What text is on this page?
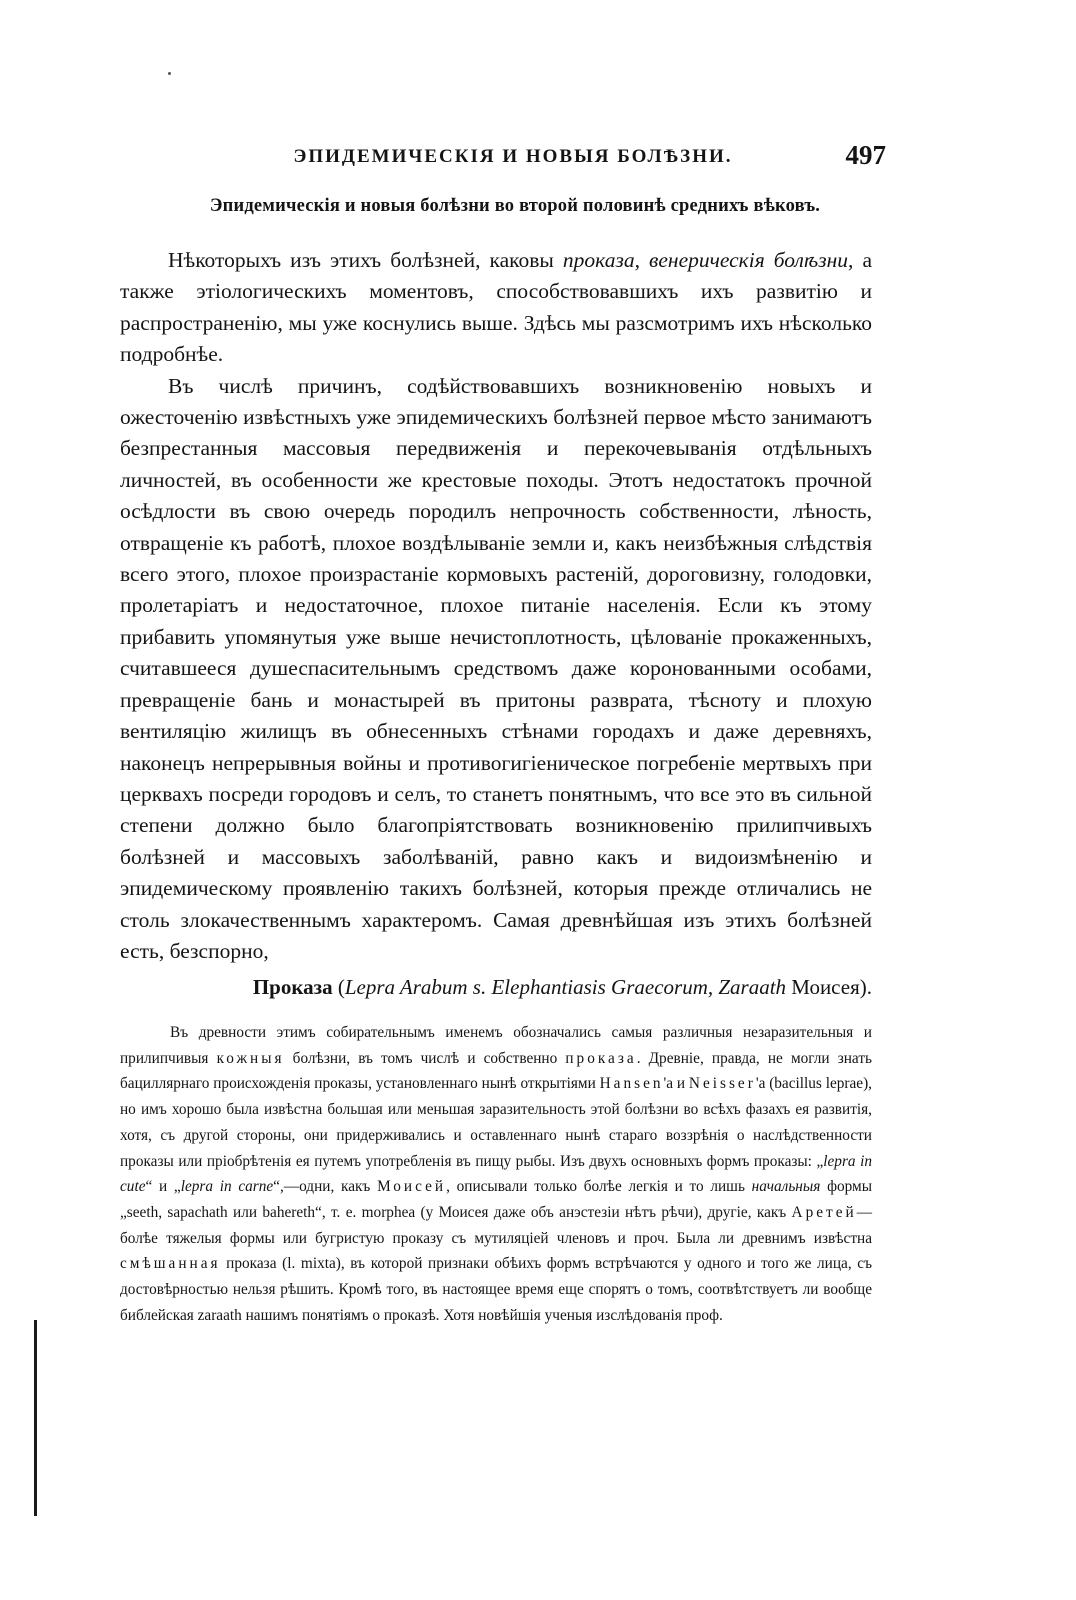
ЭПИДЕМИЧЕСКІЯ И НОВЫЯ БОЛѢЗНИ.	497
Эпидемическія и новыя болѣзни во второй половинѣ среднихъ вѣковъ.

Нѣкоторыхъ изъ этихъ болѣзней, каковы проказа, венерическія болѣзни, а также этіологическихъ моментовъ, способствовавшихъ ихъ развитію и распространенію, мы уже коснулись выше. Здѣсь мы разсмотримъ ихъ нѣсколько подробнѣе.

Въ числѣ причинъ, содѣйствовавшихъ возникновенію новыхъ и ожесточенію извѣстныхъ уже эпидемическихъ болѣзней первое мѣсто занимаютъ безпрестанныя массовыя передвиженія и перекочевыванія отдѣльныхъ личностей, въ особенности же крестовые походы. Этотъ недостатокъ прочной осѣдлости въ свою очередь породилъ непрочность собственности, лѣность, отвращеніе къ работѣ, плохое воздѣлываніе земли и, какъ неизбѣжныя слѣдствія всего этого, плохое произрастаніе кормовыхъ растеній, дороговизну, голодовки, пролетаріатъ и недостаточное, плохое питаніе населенія. Если къ этому прибавить упомянутыя уже выше нечистоплотность, цѣлованіе прокаженныхъ, считавшееся душеспасительнымъ средствомъ даже коронованными особами, превращеніе бань и монастырей въ притоны разврата, тѣсноту и плохую вентиляцію жилищъ въ обнесенныхъ стѣнами городахъ и даже деревняхъ, наконецъ непрерывныя войны и противогигіеническое погребеніе мертвыхъ при церквахъ посреди городовъ и селъ, то станетъ понятнымъ, что все это въ сильной степени должно было благопріятствовать возникновенію прилипчивыхъ болѣзней и массовыхъ заболѣваній, равно какъ и видоизмѣненію и эпидемическому проявленію такихъ болѣзней, которыя прежде отличались не столь злокачественнымъ характеромъ. Самая древнѣйшая изъ этихъ болѣзней есть, безспорно,

Проказа (Lepra Arabum s. Elephantiasis Graecorum, Zaraath Моисея).

Въ древности этимъ собирательнымъ именемъ обозначались самыя различныя незаразительныя и прилипчивыя кожныя болѣзни, въ томъ числѣ и собственно проказа. Древніе, правда, не могли знать бациллярнаго происхожденія проказы, установленнаго нынѣ открытіями Hansen'а и Neisser'а (bacillus leprae), но имъ хорошо была извѣстна большая или меньшая заразительность этой болѣзни во всѣхъ фазахъ ея развитія, хотя, съ другой стороны, они придерживались и оставленнаго нынѣ стараго воззрѣнія о наслѣдственности проказы или пріобрѣтенія ея путемъ употребленія въ пищу рыбы. Изъ двухъ основныхъ формъ проказы: „lepra in cute“ и „lepra in carne“,—одни, какъ Моисей, описывали только болѣе легкія и то лишь начальныя формы „seeth, sapachath или bahereth“, т. е. morphea (у Моисея даже объ анэстезіи нѣтъ рѣчи), другіе, какъ Аретей—болѣе тяжелыя формы или бугристую проказу съ мутиляціей членовъ и проч. Была ли древнимъ извѣстна смѣшанная проказа (l. mixta), въ которой признаки обѣихъ формъ встрѣчаются у одного и того же лица, съ достовѣрностью нельзя рѣшить. Кромѣ того, въ настоящее время еще спорятъ о томъ, соотвѣтствуетъ ли вообще библейская zaraath нашимъ понятіямъ о проказѣ. Хотя новѣйшія ученыя изслѣдованія проф.
